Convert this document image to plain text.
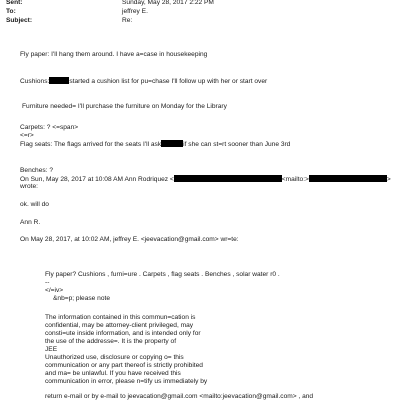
Sent:	Sunday, May 28, 2017 2:22 PM
To:	jeffrey E.
Subject:	Re:
Fly paper: I'll hang them around. I have a=case in housekeeping
Cushions:	started a cushion list for pu=chase I'll follow up with her or start over
Furniture needed= I'll purchase the furniture on Monday for the Library
Carpets: ? <=span>
<=r>
Flag seats: The flags arrived for the seats I'll ask	if she can st=rt sooner than June 3rd
Benches: ?
On Sun, May 28, 2017 at 10:08 AM Ann Rodriquez <	<mailto:>	>
wrote:
ok. will do
Ann R.
On May 28, 2017, at 10:02 AM, jeffrey E. <jeevacation@gmail.com> wr=te:
Fly paper? Cushions , furni=ure . Carpets , flag seats . Benches , solar water r0 .
--
</=iv>
&nb=p; please note
The information contained in this commun=cation is
confidential, may be attorney-client privileged, may
consti=ute inside information, and is intended only for
the use of the addresse=. It is the property of
JEE
Unauthorized use, disclosure or copying o= this
communication or any part thereof is strictly prohibited
and ma= be unlawful. If you have received this
communication in error, please n=tify us immediately by
return e-mail or by e-mail to jeevacation@gmail.com <mailto:jeevacation@gmail.com> , and
